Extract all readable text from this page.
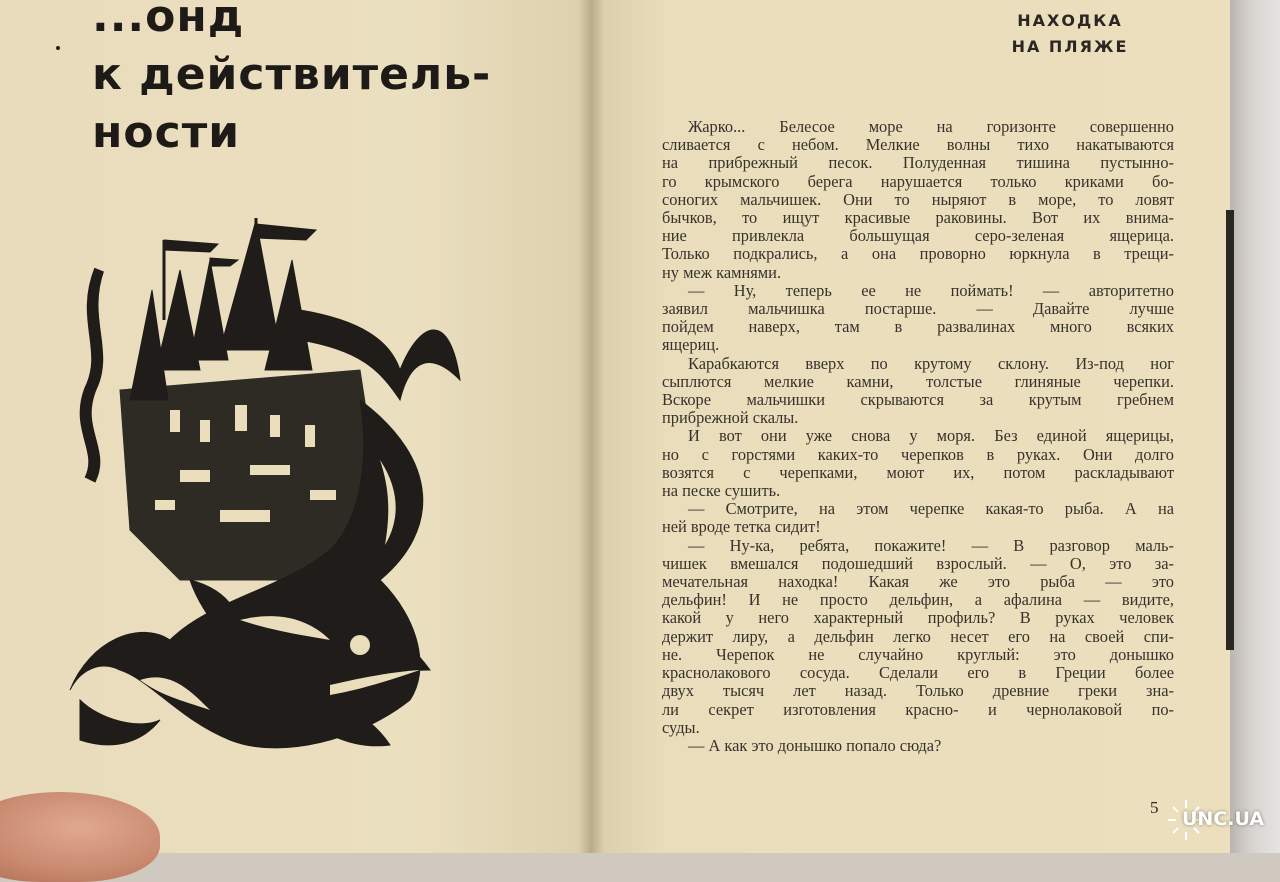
...онд
к действитель-
ности
НАХОДКА
НА ПЛЯЖЕ
Жарко... Белесое море на горизонте совершенно
сливается с небом. Мелкие волны тихо накатываются
на прибрежный песок. Полуденная тишина пустынно-
го крымского берега нарушается только криками бо-
соногих мальчишек. Они то ныряют в море, то ловят
бычков, то ищут красивые раковины. Вот их внима-
ние привлекла большущая серо-зеленая ящерица.
Только подкрались, а она проворно юркнула в трещи-
ну меж камнями.
— Ну, теперь ее не поймать! — авторитетно
заявил мальчишка постарше. — Давайте лучше
пойдем наверх, там в развалинах много всяких
ящериц.
Карабкаются вверх по крутому склону. Из-под ног
сыплются мелкие камни, толстые глиняные черепки.
Вскоре мальчишки скрываются за крутым гребнем
прибрежной скалы.
И вот они уже снова у моря. Без единой ящерицы,
но с горстями каких-то черепков в руках. Они долго
возятся с черепками, моют их, потом раскладывают
на песке сушить.
— Смотрите, на этом черепке какая-то рыба. А на
ней вроде тетка сидит!
— Ну-ка, ребята, покажите! — В разговор маль-
чишек вмешался подошедший взрослый. — О, это за-
мечательная находка! Какая же это рыба — это
дельфин! И не просто дельфин, а афалина — видите,
какой у него характерный профиль? В руках человек
держит лиру, а дельфин легко несет его на своей спи-
не. Черепок не случайно круглый: это донышко
краснолакового сосуда. Сделали его в Греции более
двух тысяч лет назад. Только древние греки зна-
ли секрет изготовления красно- и чернолаковой по-
суды.
— А как это донышко попало сюда?
5
UNC.UA
